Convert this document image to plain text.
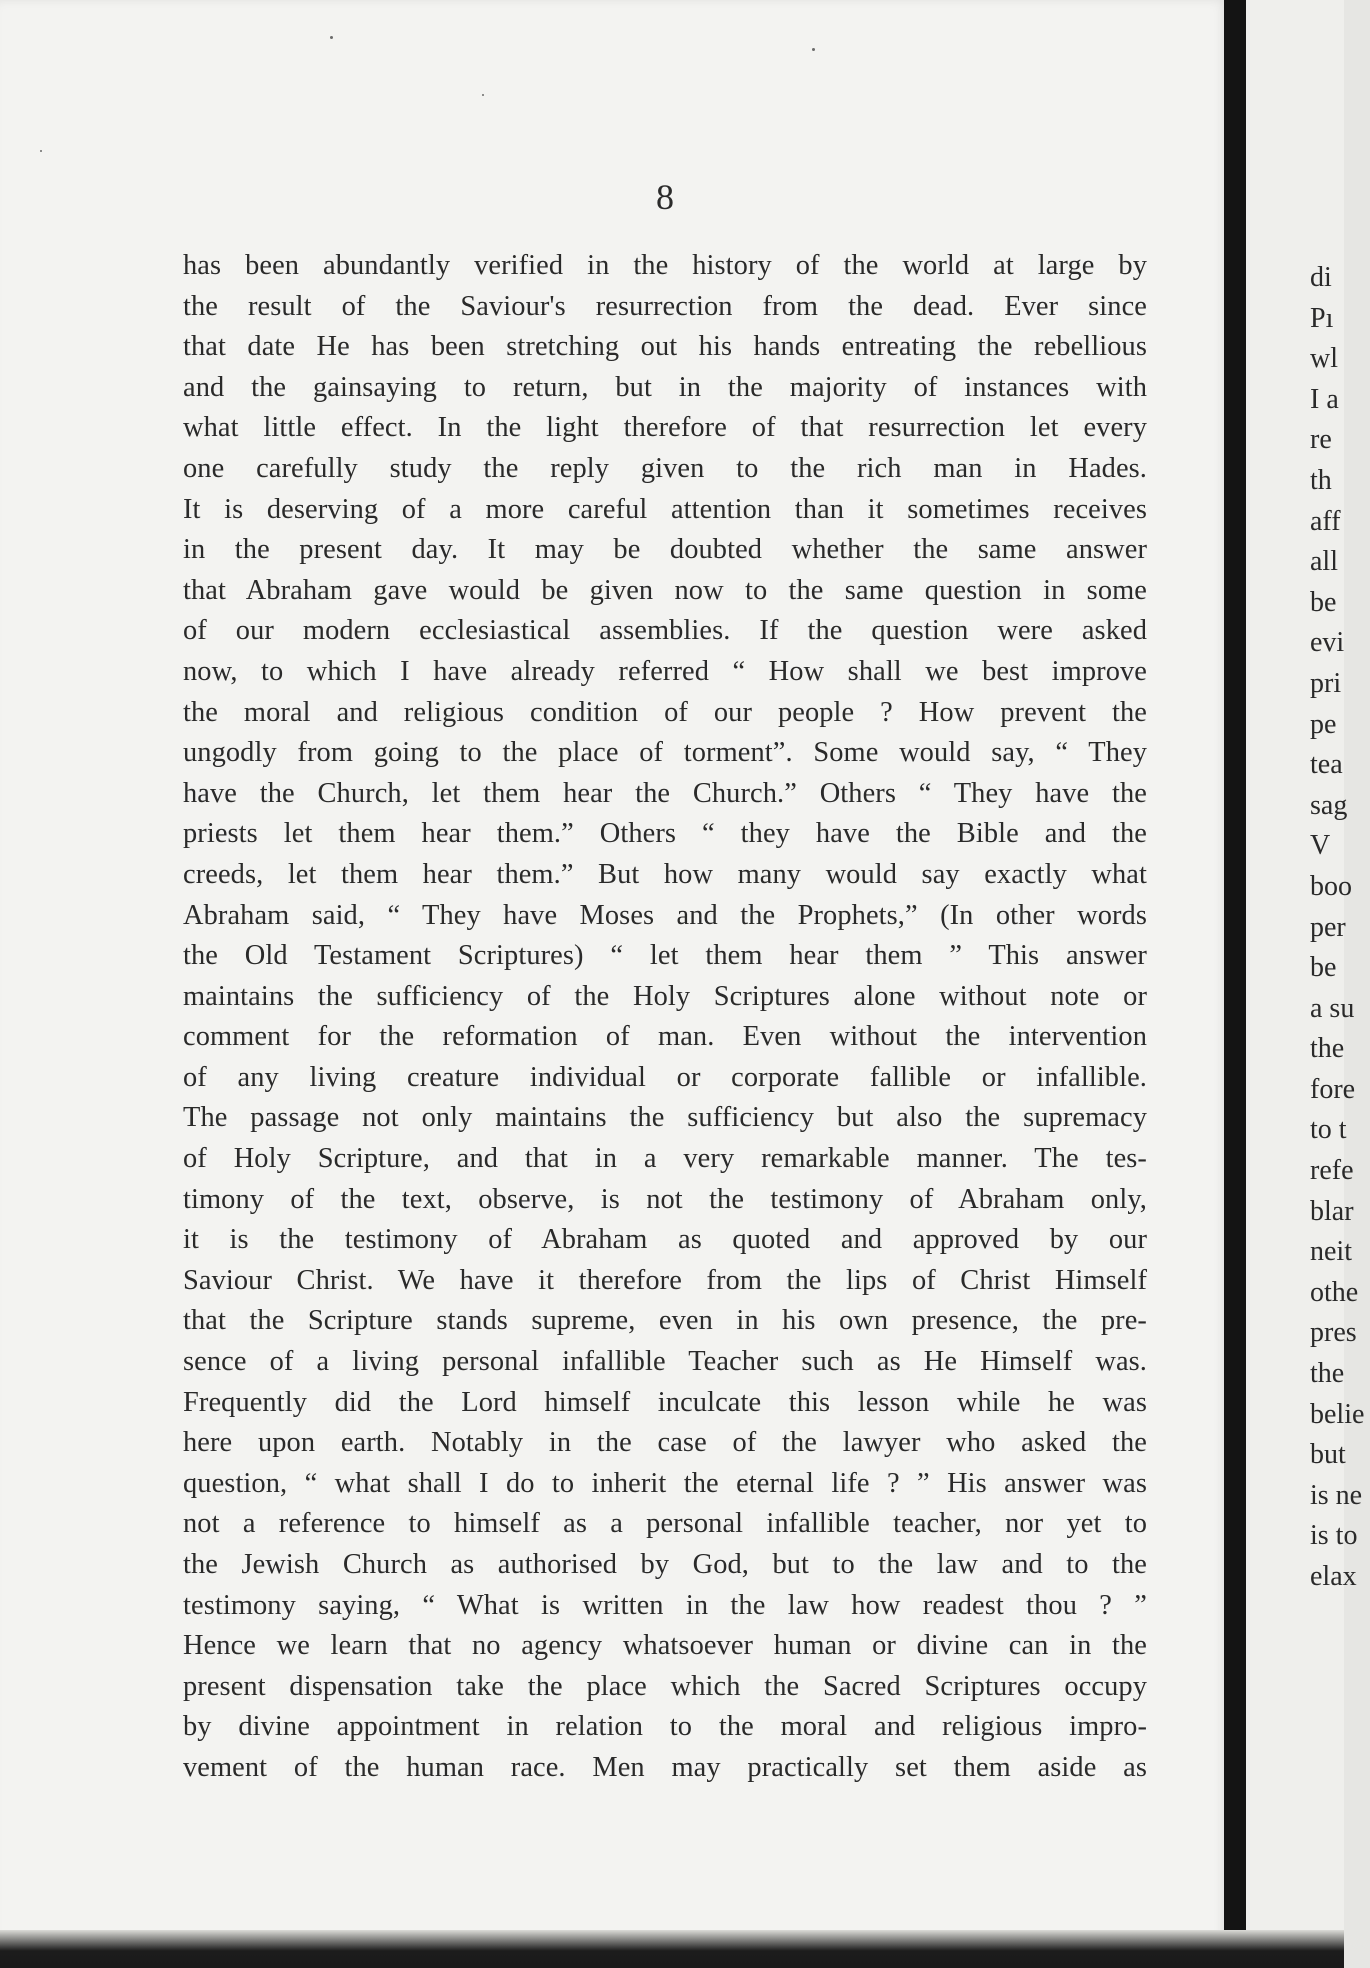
8
has been abundantly verified in the history of the world at large by
the result of the Saviour's resurrection from the dead. Ever since
that date He has been stretching out his hands entreating the rebellious
and the gainsaying to return, but in the majority of instances with
what little effect. In the light therefore of that resurrection let every
one carefully study the reply given to the rich man in Hades.
It is deserving of a more careful attention than it sometimes receives
in the present day. It may be doubted whether the same answer
that Abraham gave would be given now to the same question in some
of our modern ecclesiastical assemblies. If the question were asked
now, to which I have already referred “ How shall we best improve
the moral and religious condition of our people ? How prevent the
ungodly from going to the place of torment”. Some would say, “ They
have the Church, let them hear the Church.” Others “ They have the
priests let them hear them.” Others “ they have the Bible and the
creeds, let them hear them.” But how many would say exactly what
Abraham said, “ They have Moses and the Prophets,” (In other words
the Old Testament Scriptures) “ let them hear them ” This answer
maintains the sufficiency of the Holy Scriptures alone without note or
comment for the reformation of man. Even without the intervention
of any living creature individual or corporate fallible or infallible.
The passage not only maintains the sufficiency but also the supremacy
of Holy Scripture, and that in a very remarkable manner. The tes-
timony of the text, observe, is not the testimony of Abraham only,
it is the testimony of Abraham as quoted and approved by our
Saviour Christ. We have it therefore from the lips of Christ Himself
that the Scripture stands supreme, even in his own presence, the pre-
sence of a living personal infallible Teacher such as He Himself was.
Frequently did the Lord himself inculcate this lesson while he was
here upon earth. Notably in the case of the lawyer who asked the
question, “ what shall I do to inherit the eternal life ? ” His answer was
not a reference to himself as a personal infallible teacher, nor yet to
the Jewish Church as authorised by God, but to the law and to the
testimony saying, “ What is written in the law how readest thou ? ”
Hence we learn that no agency whatsoever human or divine can in the
present dispensation take the place which the Sacred Scriptures occupy
by divine appointment in relation to the moral and religious impro-
vement of the human race. Men may practically set them aside as
di
Pı
wl
I a
re
th
aff
all
be
evi
pri
pe
tea
sag
V
boo
per
be
a su
the
fore
to t
refe
blar
neit
othe
pres
the
belie
but
is ne
is to
elax
